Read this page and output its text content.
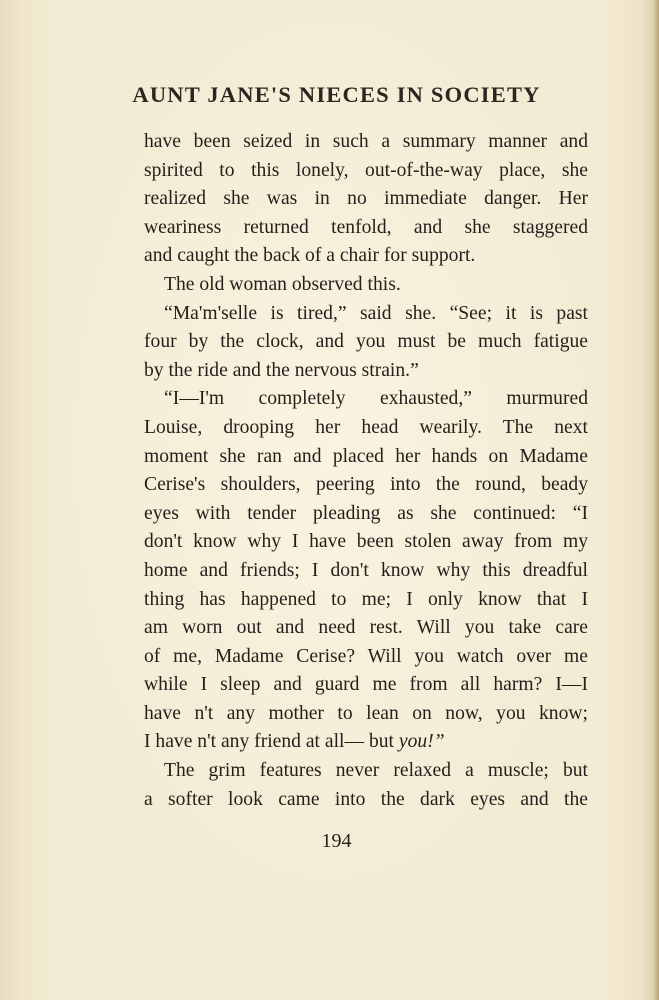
AUNT JANE'S NIECES IN SOCIETY
have been seized in such a summary manner and
spirited to this lonely, out-of-the-way place, she
realized she was in no immediate danger. Her
weariness returned tenfold, and she staggered
and caught the back of a chair for support.
The old woman observed this.
“Ma'm'selle is tired,” said she. “See; it is past
four by the clock, and you must be much fatigue
by the ride and the nervous strain.”
“I—I'm completely exhausted,” murmured
Louise, drooping her head wearily. The next
moment she ran and placed her hands on Madame
Cerise's shoulders, peering into the round, beady
eyes with tender pleading as she continued: “I
don't know why I have been stolen away from my
home and friends; I don't know why this dreadful
thing has happened to me; I only know that I
am worn out and need rest. Will you take care
of me, Madame Cerise? Will you watch over me
while I sleep and guard me from all harm? I—I
have n't any mother to lean on now, you know;
I have n't any friend at all— but you!”
The grim features never relaxed a muscle; but
a softer look came into the dark eyes and the
194
